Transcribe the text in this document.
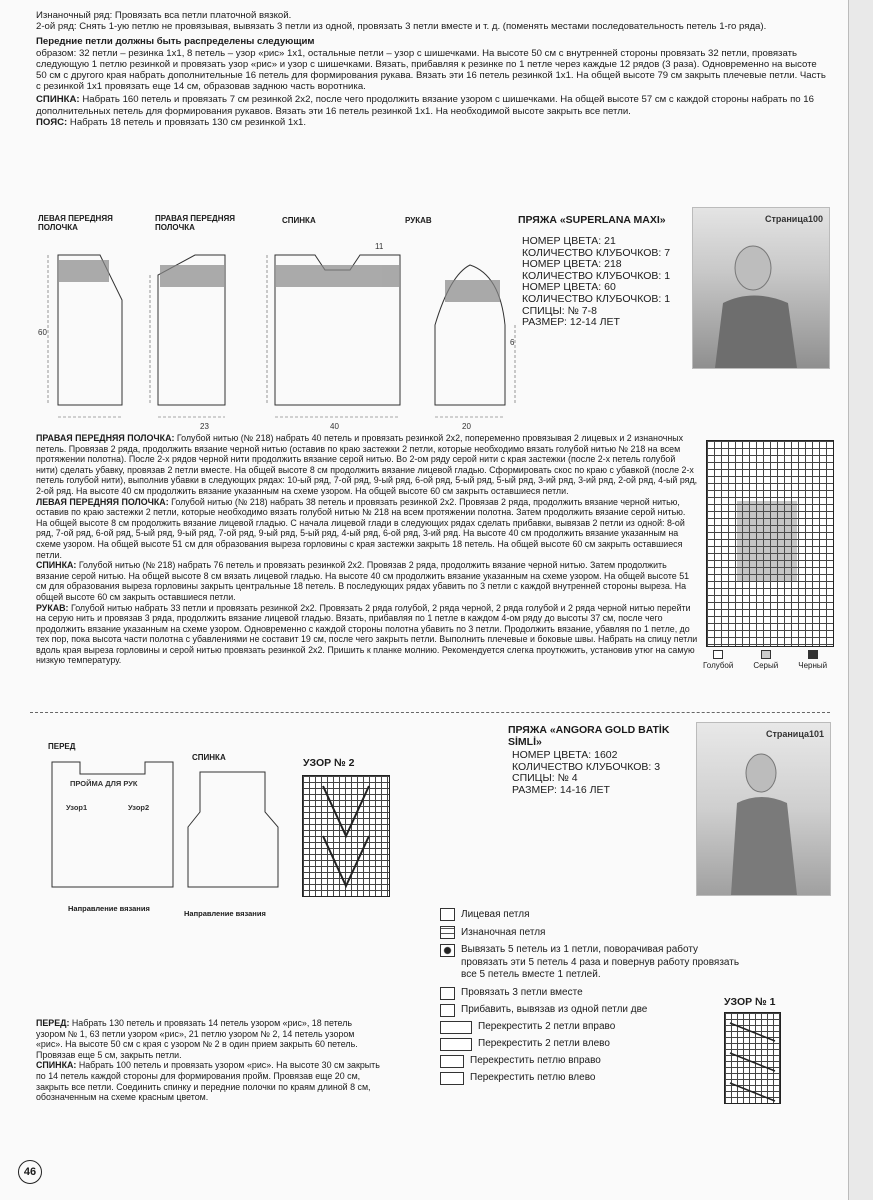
Изнаночный ряд: Провязать вса петли платочной вязкой.
2-ой ряд: Снять 1-ую петлю не провязывая, вывязать 3 петли из одной, провязать 3 петли вместе и т. д. (поменять местами последовательность петель 1-го ряда).
Передние петли должны быть распределены следующим
образом: 32 петли – резинка 1х1, 8 петель – узор «рис» 1х1, остальные петли – узор с шишечками. На высоте 50 см с внутренней стороны провязать 32 петли, провязать следующую 1 петлю резинкой и провязать узор «рис» и узор с шишечками. Вязать, прибавляя к резинке по 1 петле через каждые 12 рядов (3 раза). Одновременно на высоте 50 см с другого края набрать дополнительные 16 петель для формирования рукава. Вязать эти 16 петель резинкой 1х1. На общей высоте 79 см закрыть плечевые петли. Часть с резинкой 1х1 провязать еще 14 см, образовав заднюю часть воротника.
СПИНКА: Набрать 160 петель и провязать 7 см резинкой 2х2, после чего продолжить вязание узором с шишечками. На общей высоте 57 см с каждой стороны набрать по 16 дополнительных петель для формирования рукавов. Вязать эти 16 петель резинкой 1х1. На необходимой высоте закрыть все петли.
ПОЯС: Набрать 18 петель и провязать 130 см резинкой 1х1.
ЛЕВАЯ ПЕРЕДНЯЯ ПОЛОЧКА
ПРАВАЯ ПЕРЕДНЯЯ ПОЛОЧКА
СПИНКА	РУКАВ
60
23
11
40	20
6
ПРЯЖА «SUPERLANA MAXI»
НОМЕР ЦВЕТА: 21
КОЛИЧЕСТВО КЛУБОЧКОВ: 7
НОМЕР ЦВЕТА: 218
КОЛИЧЕСТВО КЛУБОЧКОВ: 1
НОМЕР ЦВЕТА: 60
КОЛИЧЕСТВО КЛУБОЧКОВ: 1
СПИЦЫ: № 7-8
РАЗМЕР: 12-14 ЛЕТ
Страница100
ПРАВАЯ ПЕРЕДНЯЯ ПОЛОЧКА: Голубой нитью (№ 218) набрать 40 петель и провязать резинкой 2х2, попеременно провязывая 2 лицевых и 2 изнаночных петель. Провязав 2 ряда, продолжить вязание черной нитью (оставив по краю застежки 2 петли, которые необходимо вязать голубой нитью № 218 на всем протяжении полотна). После 2-х рядов черной нити продолжить вязание серой нитью. Во 2-ом ряду серой нити с края застежки (после 2-х петель голубой нити) сделать убавку, провязав 2 петли вместе. На общей высоте 8 см продолжить вязание лицевой гладью. Сформировать скос по краю с убавкой (после 2-х петель голубой нити), выполнив убавки в следующих рядах: 10-ый ряд, 7-ой ряд, 9-ый ряд, 6-ой ряд, 5-ый ряд, 5-ый ряд, 3-ий ряд, 3-ий ряд, 2-ой ряд, 4-ый ряд, 2-ой ряд. На высоте 40 см продолжить вязание указанным на схеме узором. На общей высоте 60 см закрыть оставшиеся петли.
ЛЕВАЯ ПЕРЕДНЯЯ ПОЛОЧКА: Голубой нитью (№ 218) набрать 38 петель и провязать резинкой 2х2. Провязав 2 ряда, продолжить вязание черной нитью, оставив по краю застежки 2 петли, которые необходимо вязать голубой нитью № 218 на всем протяжении полотна. Затем продолжить вязание серой нитью. На общей высоте 8 см продолжить вязание лицевой гладью. С начала лицевой глади в следующих рядах сделать прибавки, вывязав 2 петли из одной: 8-ой ряд, 7-ой ряд, 6-ой ряд, 5-ый ряд, 9-ый ряд, 7-ой ряд, 9-ый ряд, 5-ый ряд, 4-ый ряд, 6-ой ряд, 3-ий ряд. На высоте 40 см продолжить вязание указанным на схеме узором. На общей высоте 51 см для образования выреза горловины с края застежки закрыть 18 петель. На общей высоте 60 см закрыть оставшиеся петли.
СПИНКА: Голубой нитью (№ 218) набрать 76 петель и провязать резинкой 2х2. Провязав 2 ряда, продолжить вязание черной нитью. Затем продолжить вязание серой нитью. На общей высоте 8 см вязать лицевой гладью. На высоте 40 см продолжить вязание указанным на схеме узором. На общей высоте 51 см для образования выреза горловины закрыть центральные 18 петель. В последующих рядах убавить по 3 петли с каждой внутренней стороны выреза. На общей высоте 60 см закрыть оставшиеся петли.
РУКАВ: Голубой нитью набрать 33 петли и провязать резинкой 2х2. Провязать 2 ряда голубой, 2 ряда черной, 2 ряда голубой и 2 ряда черной нитью перейти на серую нить и провязав 3 ряда, продолжить вязание лицевой гладью. Вязать, прибавляя по 1 петле в каждом 4-ом ряду до высоты 37 см, после чего продолжить вязание указанным на схеме узором. Одновременно с каждой стороны полотна убавить по 3 петли. Продолжить вязание, убавляя по 1 петле, до тех пор, пока высота части полотна с убавлениями не составит 19 см, после чего закрыть петли. Выполнить плечевые и боковые швы. Набрать на спицу петли вдоль края выреза горловины и серой нитью провязать резинкой 2х2. Пришить к планке молнию. Рекомендуется слегка проутюжить, установив утюг на самую низкую температуру.
Голубой	Серый	Черный
ПЕРЕД
СПИНКА	УЗОР № 2
ПРОЙМА ДЛЯ РУК
Узор1	Узор2
Направление вязания
Направление вязания
ПРЯЖА «ANGORA GOLD BATİK SİMLİ»
НОМЕР ЦВЕТА: 1602
КОЛИЧЕСТВО КЛУБОЧКОВ: 3
СПИЦЫ: № 4
РАЗМЕР: 14-16 ЛЕТ
Страница101
Лицевая петля
Изнаночная петля
Вывязать 5 петель из 1 петли, поворачивая работу провязать эти 5 петель 4 раза и повернув работу провязать все 5 петель вместе 1 петлей.
Провязать 3 петли вместе
Прибавить, вывязав из одной петли две
Перекрестить 2 петли вправо
Перекрестить 2 петли влево
Перекрестить петлю вправо
Перекрестить петлю влево
УЗОР № 1
ПЕРЕД: Набрать 130 петель и провязать 14 петель узором «рис», 18 петель узором № 1, 63 петли узором «рис», 21 петлю узором № 2, 14 петель узором «рис». На высоте 50 см с края с узором № 2 в один прием закрыть 60 петель. Провязав еще 5 см, закрыть петли.
СПИНКА: Набрать 100 петель и провязать узором «рис». На высоте 30 см закрыть по 14 петель каждой стороны для формирования пройм. Провязав еще 20 см, закрыть все петли. Соединить спинку и передние полочки по краям длиной 8 см, обозначенным на схеме красным цветом.
46
